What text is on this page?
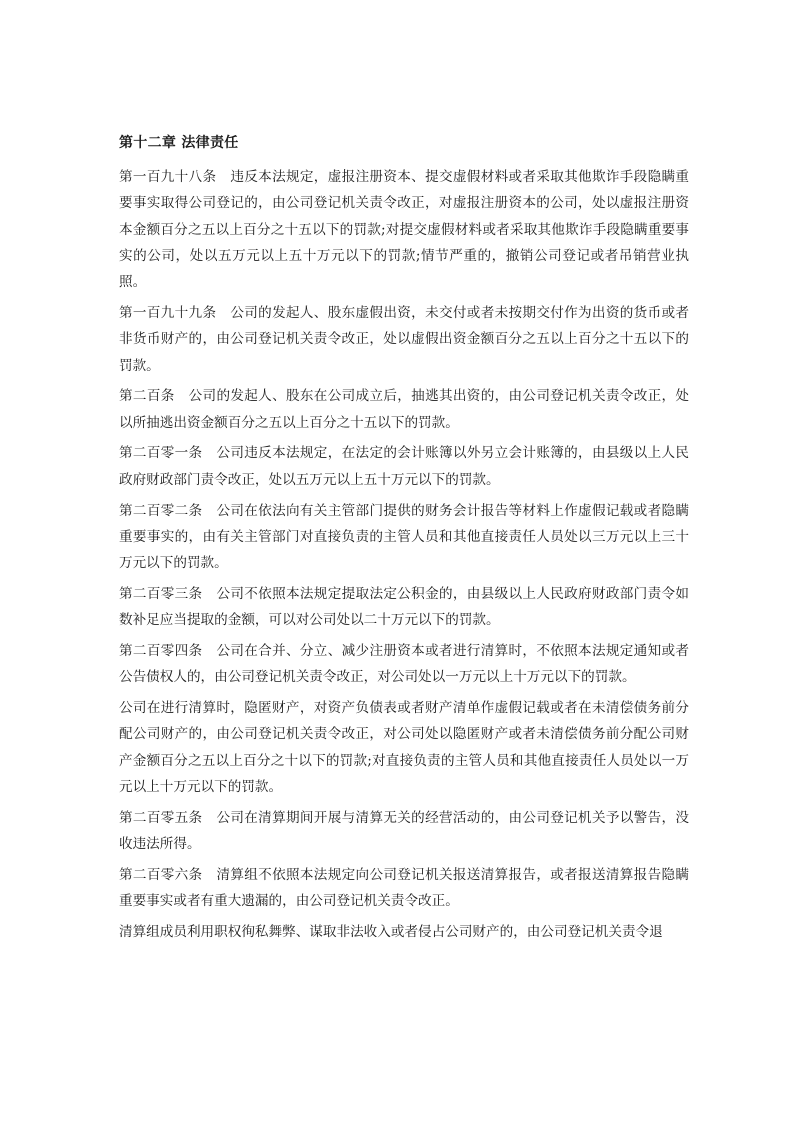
第十二章 法律责任

第一百九十八条 违反本法规定，虚报注册资本、提交虚假材料或者采取其他欺诈手段隐瞒重要事实取得公司登记的，由公司登记机关责令改正，对虚报注册资本的公司，处以虚报注册资本金额百分之五以上百分之十五以下的罚款;对提交虚假材料或者采取其他欺诈手段隐瞒重要事实的公司，处以五万元以上五十万元以下的罚款;情节严重的，撤销公司登记或者吊销营业执照。

第一百九十九条 公司的发起人、股东虚假出资，未交付或者未按期交付作为出资的货币或者非货币财产的，由公司登记机关责令改正，处以虚假出资金额百分之五以上百分之十五以下的罚款。

第二百条 公司的发起人、股东在公司成立后，抽逃其出资的，由公司登记机关责令改正，处以所抽逃出资金额百分之五以上百分之十五以下的罚款。

第二百零一条 公司违反本法规定，在法定的会计账簿以外另立会计账簿的，由县级以上人民政府财政部门责令改正，处以五万元以上五十万元以下的罚款。

第二百零二条 公司在依法向有关主管部门提供的财务会计报告等材料上作虚假记载或者隐瞒重要事实的，由有关主管部门对直接负责的主管人员和其他直接责任人员处以三万元以上三十万元以下的罚款。

第二百零三条 公司不依照本法规定提取法定公积金的，由县级以上人民政府财政部门责令如数补足应当提取的金额，可以对公司处以二十万元以下的罚款。

第二百零四条 公司在合并、分立、减少注册资本或者进行清算时，不依照本法规定通知或者公告债权人的，由公司登记机关责令改正，对公司处以一万元以上十万元以下的罚款。

公司在进行清算时，隐匿财产，对资产负债表或者财产清单作虚假记载或者在未清偿债务前分配公司财产的，由公司登记机关责令改正，对公司处以隐匿财产或者未清偿债务前分配公司财产金额百分之五以上百分之十以下的罚款;对直接负责的主管人员和其他直接责任人员处以一万元以上十万元以下的罚款。

第二百零五条 公司在清算期间开展与清算无关的经营活动的，由公司登记机关予以警告，没收违法所得。

第二百零六条 清算组不依照本法规定向公司登记机关报送清算报告，或者报送清算报告隐瞒重要事实或者有重大遗漏的，由公司登记机关责令改正。

清算组成员利用职权徇私舞弊、谋取非法收入或者侵占公司财产的，由公司登记机关责令退
